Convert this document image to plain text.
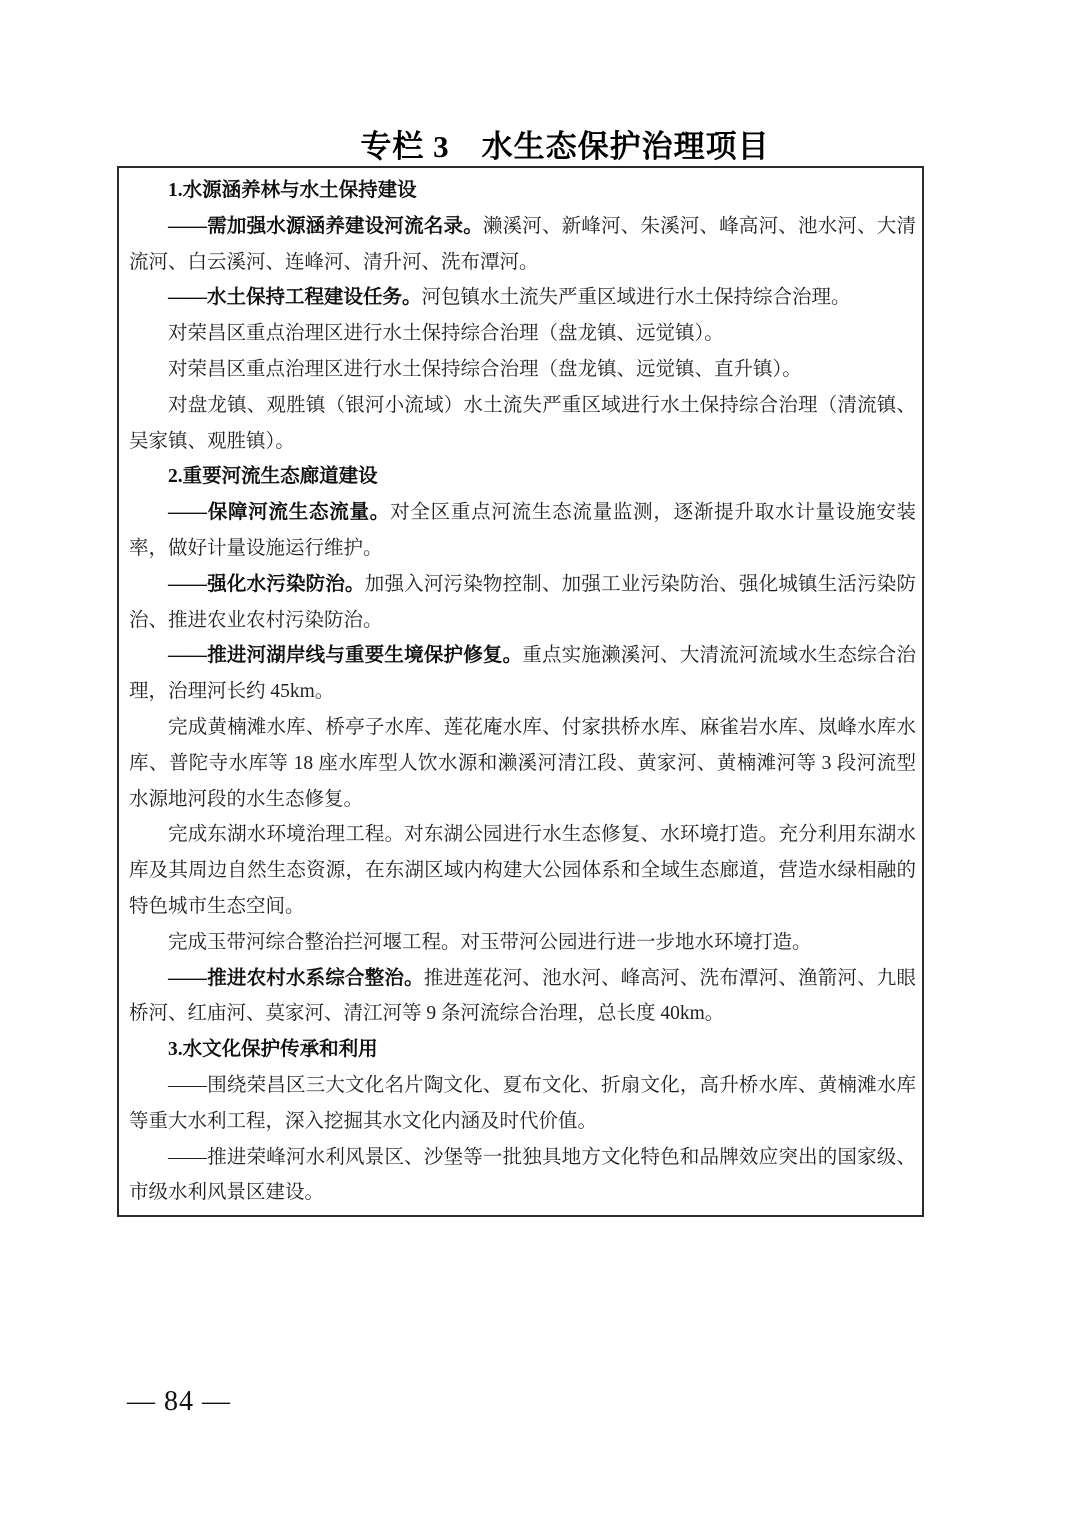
专栏 3　水生态保护治理项目

1.水源涵养林与水土保持建设

——需加强水源涵养建设河流名录。濑溪河、新峰河、朱溪河、峰高河、池水河、大清流河、白云溪河、连峰河、清升河、洗布潭河。

——水土保持工程建设任务。河包镇水土流失严重区域进行水土保持综合治理。

对荣昌区重点治理区进行水土保持综合治理（盘龙镇、远觉镇）。

对荣昌区重点治理区进行水土保持综合治理（盘龙镇、远觉镇、直升镇）。

对盘龙镇、观胜镇（银河小流域）水土流失严重区域进行水土保持综合治理（清流镇、吴家镇、观胜镇）。

2.重要河流生态廊道建设

——保障河流生态流量。对全区重点河流生态流量监测，逐渐提升取水计量设施安装率，做好计量设施运行维护。

——强化水污染防治。加强入河污染物控制、加强工业污染防治、强化城镇生活污染防治、推进农业农村污染防治。

——推进河湖岸线与重要生境保护修复。重点实施濑溪河、大清流河流域水生态综合治理，治理河长约 45km。

完成黄楠滩水库、桥亭子水库、莲花庵水库、付家拱桥水库、麻雀岩水库、岚峰水库水库、普陀寺水库等 18 座水库型人饮水源和濑溪河清江段、黄家河、黄楠滩河等 3 段河流型水源地河段的水生态修复。

完成东湖水环境治理工程。对东湖公园进行水生态修复、水环境打造。充分利用东湖水库及其周边自然生态资源，在东湖区域内构建大公园体系和全域生态廊道，营造水绿相融的特色城市生态空间。

完成玉带河综合整治拦河堰工程。对玉带河公园进行进一步地水环境打造。

——推进农村水系综合整治。推进莲花河、池水河、峰高河、洗布潭河、渔箭河、九眼桥河、红庙河、莫家河、清江河等 9 条河流综合治理，总长度 40km。

3.水文化保护传承和利用

——围绕荣昌区三大文化名片陶文化、夏布文化、折扇文化，高升桥水库、黄楠滩水库等重大水利工程，深入挖掘其水文化内涵及时代价值。

——推进荣峰河水利风景区、沙堡等一批独具地方文化特色和品牌效应突出的国家级、市级水利风景区建设。

— 84 —
